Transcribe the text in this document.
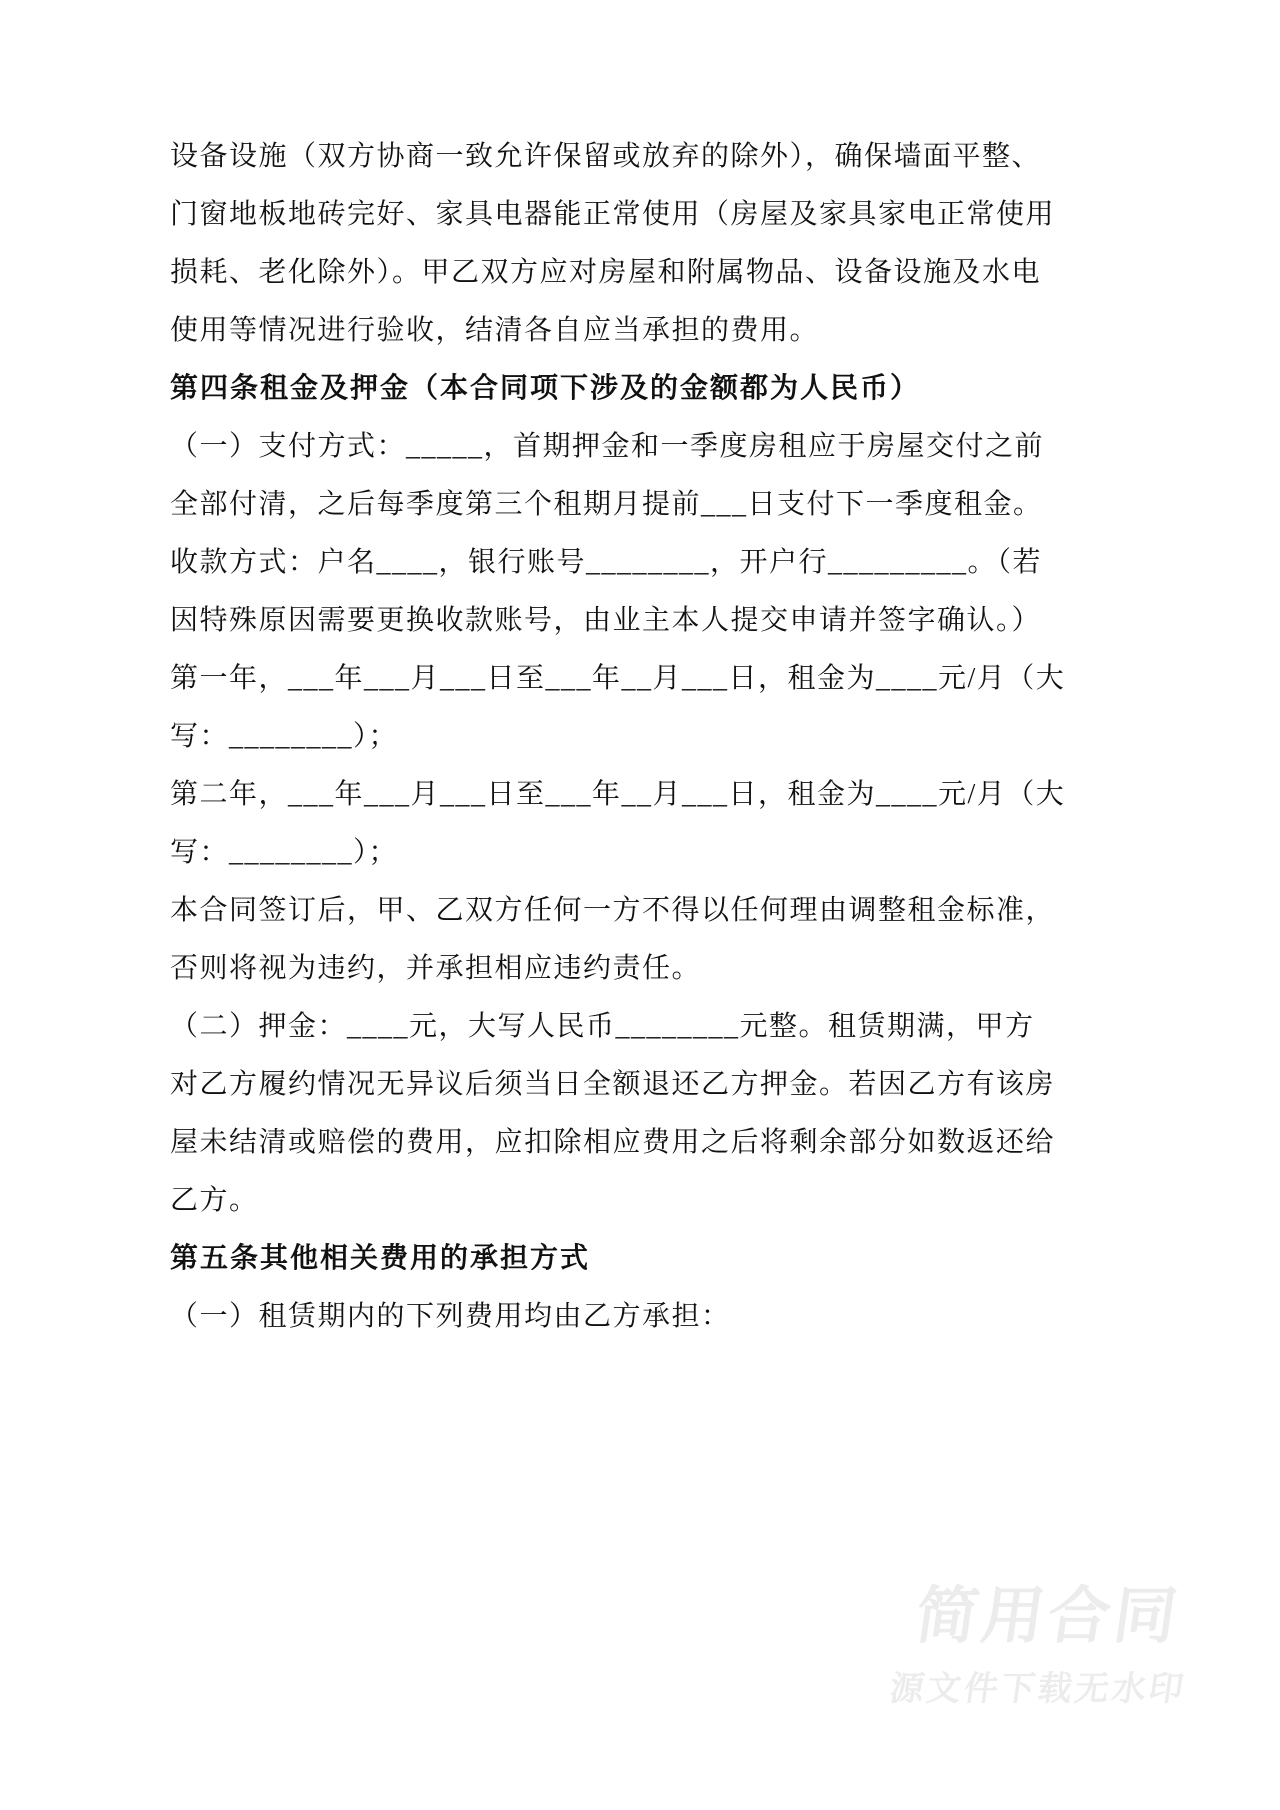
设备设施（双方协商一致允许保留或放弃的除外），确保墙面平整、
门窗地板地砖完好、家具电器能正常使用（房屋及家具家电正常使用
损耗、老化除外）。甲乙双方应对房屋和附属物品、设备设施及水电
使用等情况进行验收，结清各自应当承担的费用。
第四条租金及押金（本合同项下涉及的金额都为人民币）
（一）支付方式：_____，首期押金和一季度房租应于房屋交付之前
全部付清，之后每季度第三个租期月提前___日支付下一季度租金。
收款方式：户名____，银行账号________，开户行_________。（若
因特殊原因需要更换收款账号，由业主本人提交申请并签字确认。）
第一年，___年___月___日至___年__月___日，租金为____元/月（大
写：________）；
第二年，___年___月___日至___年__月___日，租金为____元/月（大
写：________）；
本合同签订后，甲、乙双方任何一方不得以任何理由调整租金标准，
否则将视为违约，并承担相应违约责任。
（二）押金：____元，大写人民币________元整。租赁期满，甲方
对乙方履约情况无异议后须当日全额退还乙方押金。若因乙方有该房
屋未结清或赔偿的费用，应扣除相应费用之后将剩余部分如数返还给
乙方。
第五条其他相关费用的承担方式
（一）租赁期内的下列费用均由乙方承担：
简用合同
源文件下载无水印
